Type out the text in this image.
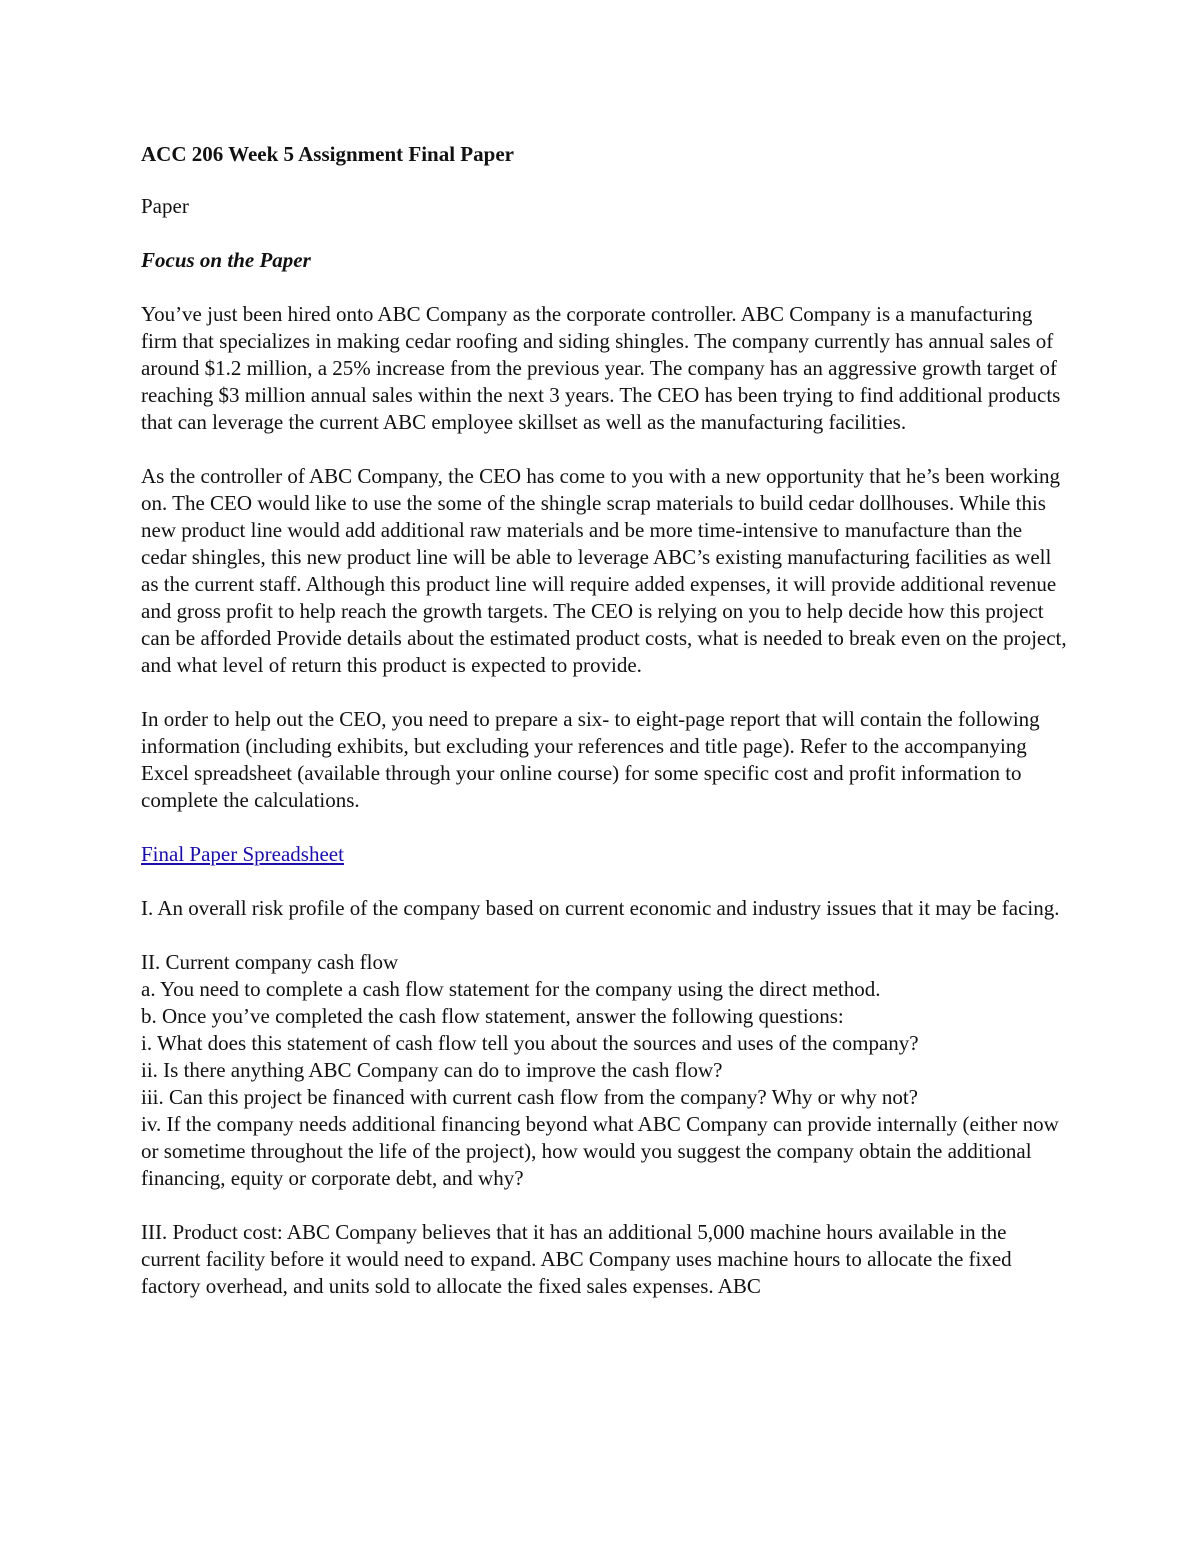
ACC 206 Week 5 Assignment Final Paper
Paper
Focus on the Paper
You’ve just been hired onto ABC Company as the corporate controller. ABC Company is a manufacturing firm that specializes in making cedar roofing and siding shingles. The company currently has annual sales of around $1.2 million, a 25% increase from the previous year. The company has an aggressive growth target of reaching $3 million annual sales within the next 3 years. The CEO has been trying to find additional products that can leverage the current ABC employee skillset as well as the manufacturing facilities.
As the controller of ABC Company, the CEO has come to you with a new opportunity that he’s been working on. The CEO would like to use the some of the shingle scrap materials to build cedar dollhouses. While this new product line would add additional raw materials and be more time-intensive to manufacture than the cedar shingles, this new product line will be able to leverage ABC’s existing manufacturing facilities as well as the current staff. Although this product line will require added expenses, it will provide additional revenue and gross profit to help reach the growth targets. The CEO is relying on you to help decide how this project can be afforded Provide details about the estimated product costs, what is needed to break even on the project, and what level of return this product is expected to provide.
In order to help out the CEO, you need to prepare a six- to eight-page report that will contain the following information (including exhibits, but excluding your references and title page). Refer to the accompanying Excel spreadsheet (available through your online course) for some specific cost and profit information to complete the calculations.
Final Paper Spreadsheet
I. An overall risk profile of the company based on current economic and industry issues that it may be facing.
II. Current company cash flow
a. You need to complete a cash flow statement for the company using the direct method.
b. Once you’ve completed the cash flow statement, answer the following questions:
i. What does this statement of cash flow tell you about the sources and uses of the company?
ii. Is there anything ABC Company can do to improve the cash flow?
iii. Can this project be financed with current cash flow from the company? Why or why not?
iv. If the company needs additional financing beyond what ABC Company can provide internally (either now or sometime throughout the life of the project), how would you suggest the company obtain the additional financing, equity or corporate debt, and why?
III. Product cost: ABC Company believes that it has an additional 5,000 machine hours available in the current facility before it would need to expand. ABC Company uses machine hours to allocate the fixed factory overhead, and units sold to allocate the fixed sales expenses. ABC
